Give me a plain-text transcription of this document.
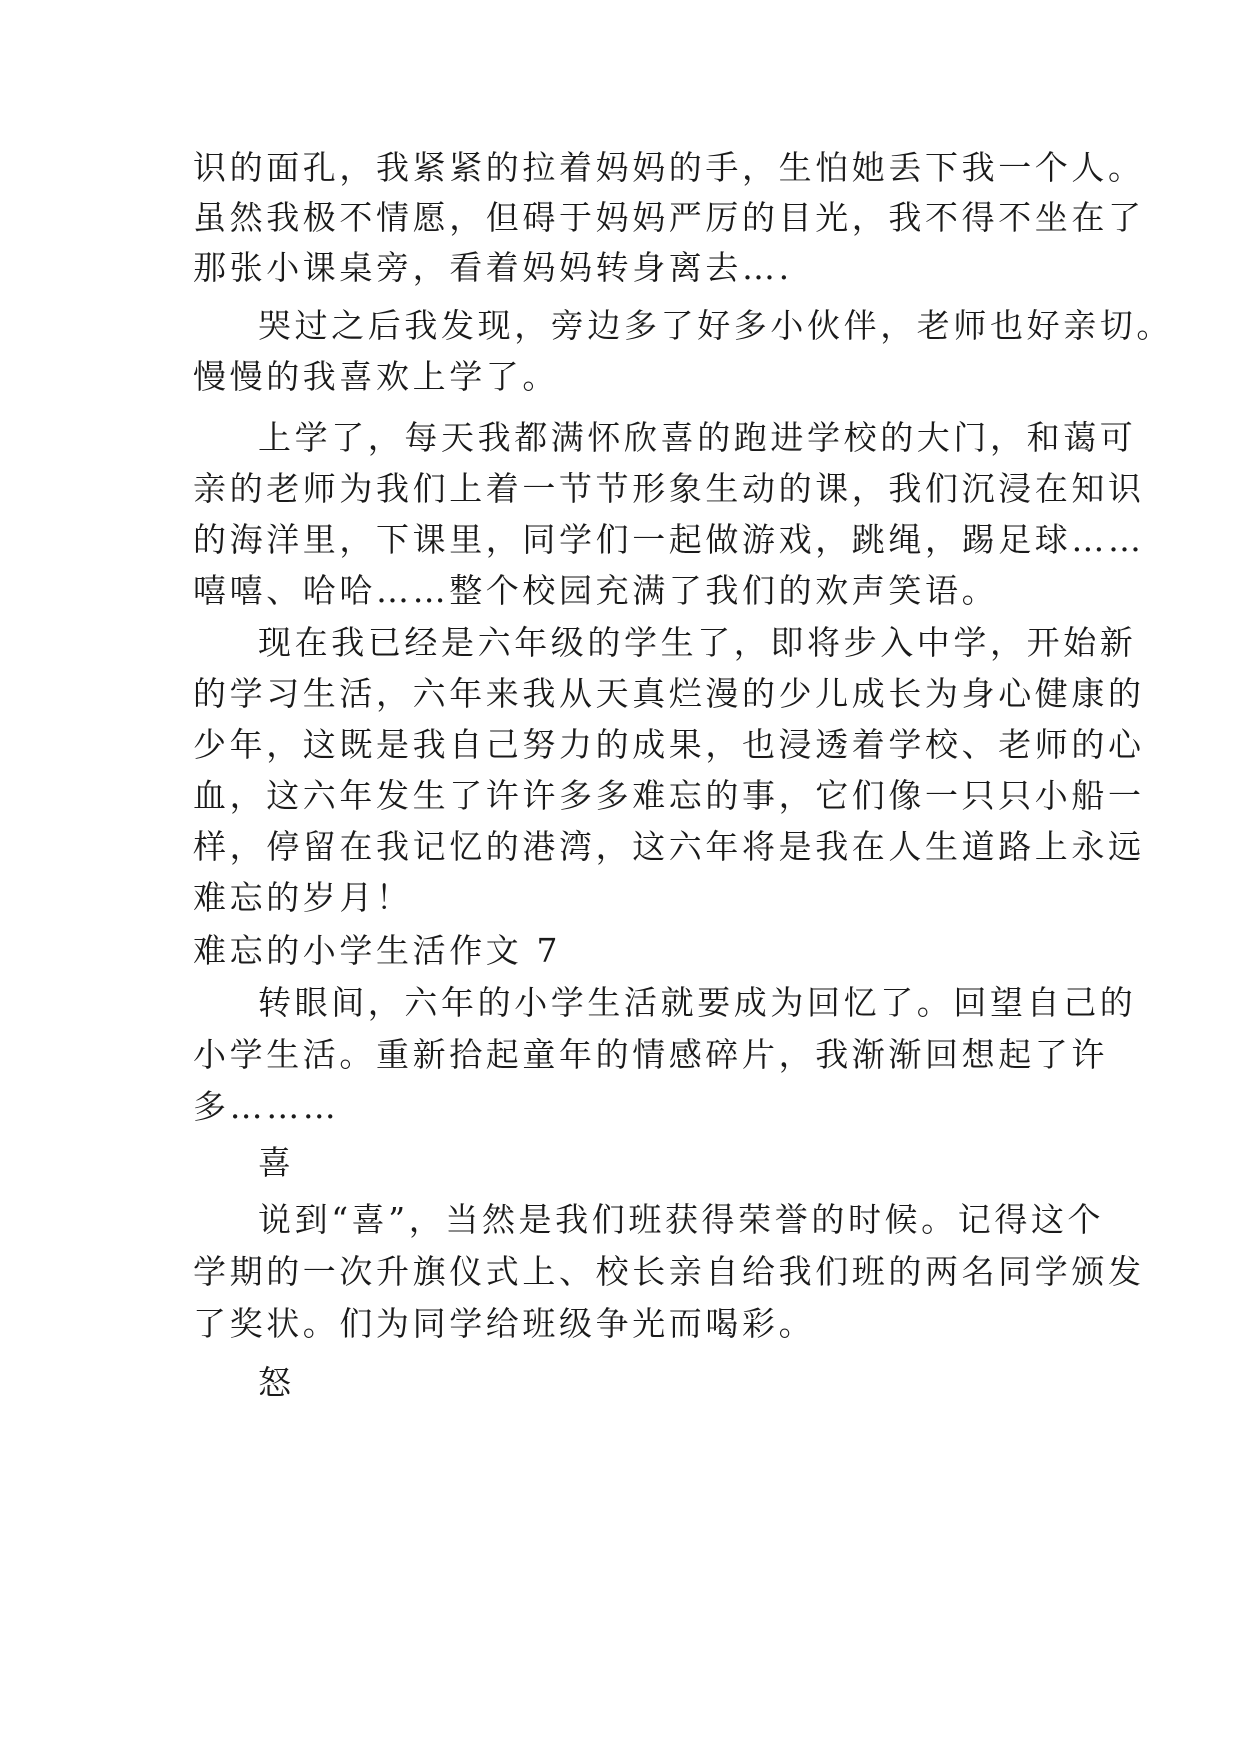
识的面孔，我紧紧的拉着妈妈的手，生怕她丢下我一个人。

虽然我极不情愿，但碍于妈妈严厉的目光，我不得不坐在了

那张小课桌旁，看着妈妈转身离去….

哭过之后我发现，旁边多了好多小伙伴，老师也好亲切。

慢慢的我喜欢上学了。

上学了，每天我都满怀欣喜的跑进学校的大门，和蔼可

亲的老师为我们上着一节节形象生动的课，我们沉浸在知识

的海洋里，下课里，同学们一起做游戏，跳绳，踢足球……

嘻嘻、哈哈……整个校园充满了我们的欢声笑语。

现在我已经是六年级的学生了，即将步入中学，开始新

的学习生活，六年来我从天真烂漫的少儿成长为身心健康的

少年，这既是我自己努力的成果，也浸透着学校、老师的心

血，这六年发生了许许多多难忘的事，它们像一只只小船一

样，停留在我记忆的港湾，这六年将是我在人生道路上永远

难忘的岁月！

难忘的小学生活作文 7

转眼间，六年的小学生活就要成为回忆了。回望自己的

小学生活。重新拾起童年的情感碎片，我渐渐回想起了许

多………

喜

说到“喜”，当然是我们班获得荣誉的时候。记得这个

学期的一次升旗仪式上、校长亲自给我们班的两名同学颁发

了奖状。们为同学给班级争光而喝彩。

怒
